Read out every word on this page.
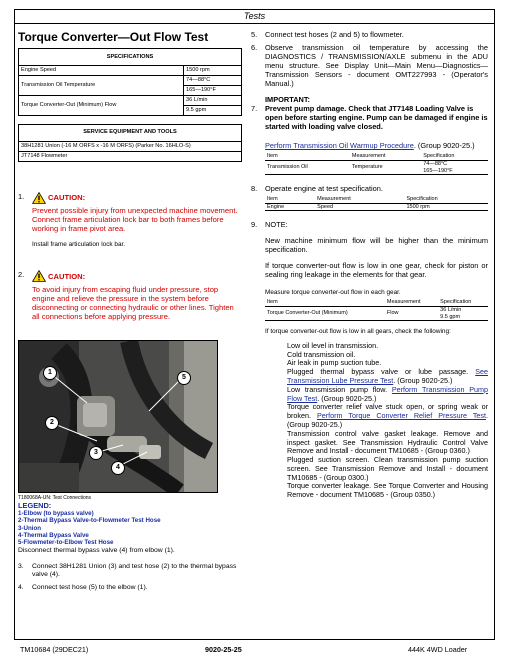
Tests
Torque Converter—Out Flow Test
SPECIFICATIONS	
Engine Speed	1500 rpm
Transmission Oil Temperature	74—88°C
165—190°F

Torque Converter-Out (Minimum) Flow	36 L/min
9.5 gpm
SERVICE EQUIPMENT AND TOOLS
38H1281 Union (-16 M ORFS x -16 M ORFS) (Parker No. 16HLO-S)
JT7148 Flowmeter
1.	CAUTION:
Prevent possible injury from unexpected machine movement. Connect frame articulation lock bar to both frames before working in frame pivot area.
Install frame articulation lock bar.
2.	CAUTION:
To avoid injury from escaping fluid under pressure, stop engine and relieve the pressure in the system before disconnecting or connecting hydraulic or other lines. Tighten all connections before applying pressure.
1
2
3
4
5
T180068A-UN: Test Connections
LEGEND:
1-Elbow (to bypass valve)
2-Thermal Bypass Valve-to-Flowmeter Test Hose
3-Union
4-Thermal Bypass Valve
5-Flowmeter-to-Elbow Test Hose
Disconnect thermal bypass valve (4) from elbow (1).
3. Connect 38H1281 Union (3) and test hose (2) to the thermal bypass valve (4).
4. Connect test hose (5) to the elbow (1).
5. Connect test hoses (2 and 5) to flowmeter.
6. Observe transmission oil temperature by accessing the DIAGNOSTICS / TRANSMISSION/AXLE submenu in the ADU menu structure. See Display Unit—Main Menu—Diagnostics—Transmission Sensors - document OMT227993 - (Operator's Manual.)
IMPORTANT:
7. Prevent pump damage. Check that JT7148 Loading Valve is open before starting engine. Pump can be damaged if engine is started with loading valve closed.
Perform Transmission Oil Warmup Procedure. (Group 9020-25.)
Item	Measurement	Specification
Transmission Oil	Temperature	74—88°C
165—190°F
8. Operate engine at test specification.
Item	Measurement	Specification
Engine	Speed	1500 rpm
9. NOTE:
New machine minimum flow will be higher than the minimum specification.
If torque converter-out flow is low in one gear, check for piston or sealing ring leakage in the elements for that gear.
Measure torque converter-out flow in each gear.
Item	Measurement	Specification
Torque Converter-Out (Minimum)	Flow	36 L/min
9.5 gpm
If torque converter-out flow is low in all gears, check the following:
Low oil level in transmission.
Cold transmission oil.
Air leak in pump suction tube.
Plugged thermal bypass valve or lube passage. See Transmission Lube Pressure Test. (Group 9020-25.)
Low transmission pump flow. Perform Transmission Pump Flow Test. (Group 9020-25.)
Torque converter relief valve stuck open, or spring weak or broken. Perform Torque Converter Relief Pressure Test. (Group 9020-25.)
Transmission control valve gasket leakage. Remove and inspect gasket. See Transmission Hydraulic Control Valve Remove and Install - document TM10685 - (Group 0360.)
Plugged suction screen. Clean transmission pump suction screen. See Transmission Remove and Install - document TM10685 - (Group 0300.)
Torque converter leakage. See Torque Converter and Housing Remove - document TM10685 - (Group 0350.)
TM10684 (29DEC21)	9020-25-25	444K 4WD Loader
